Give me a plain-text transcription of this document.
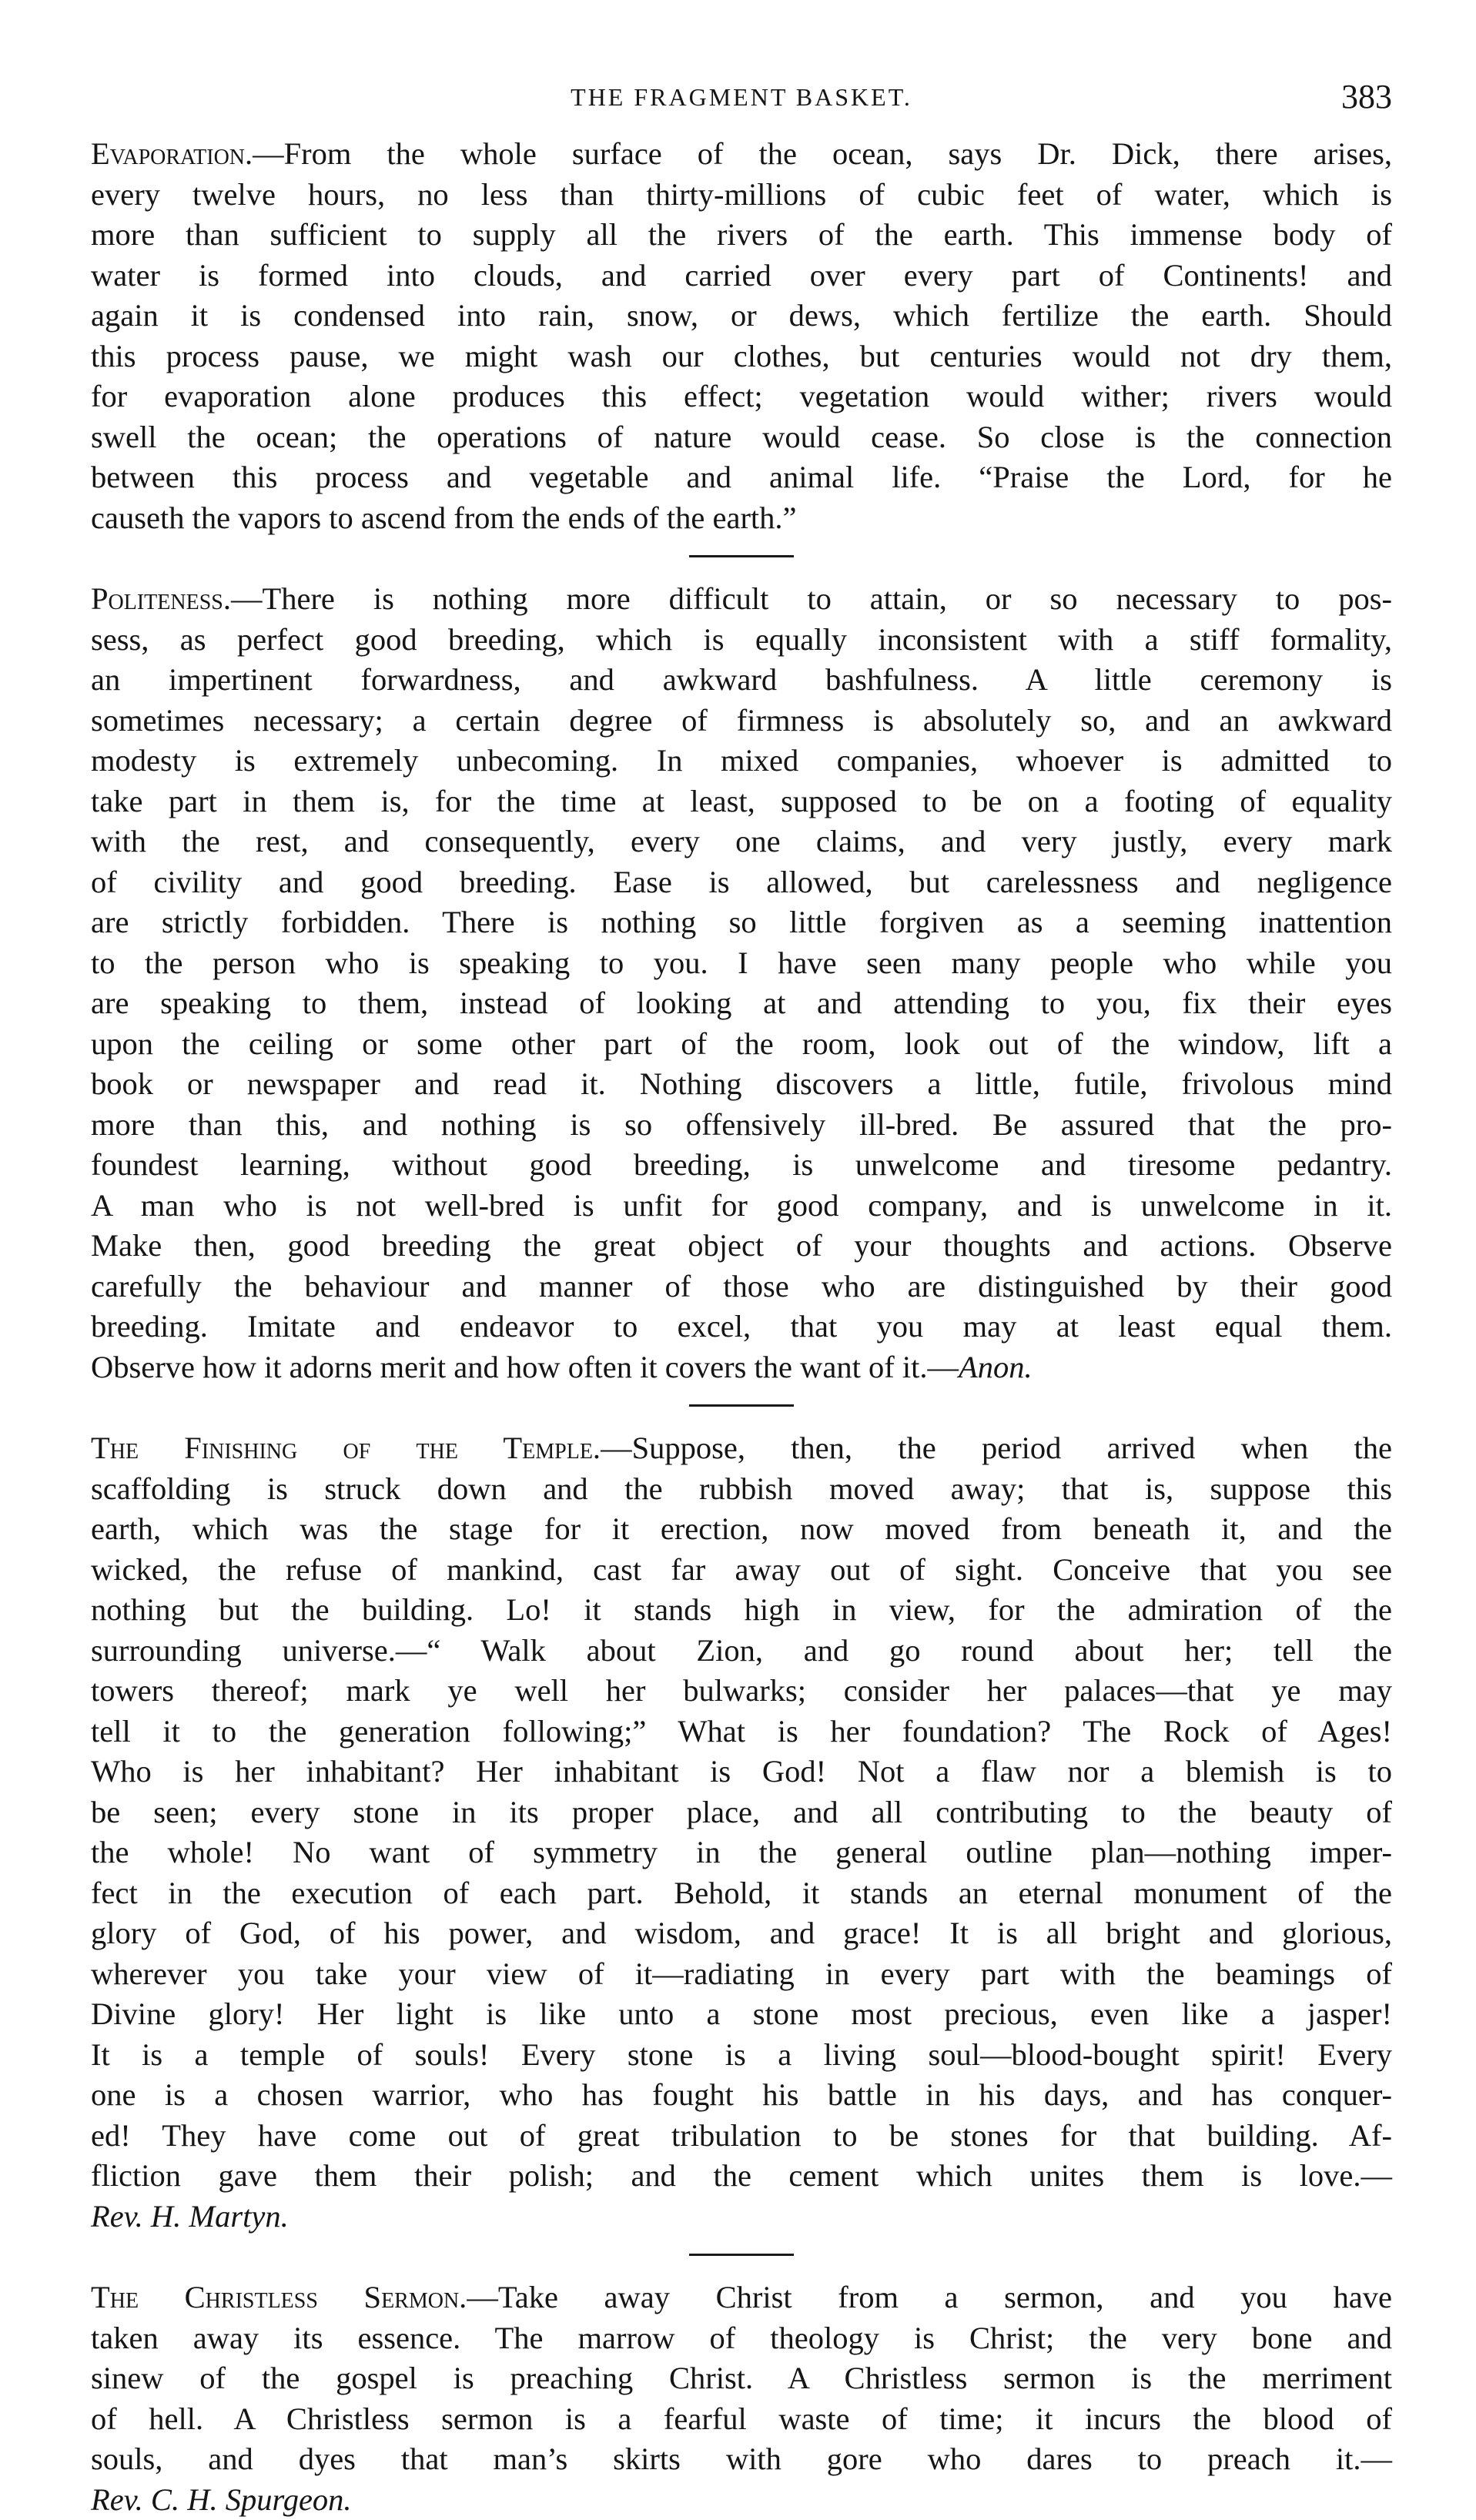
THE FRAGMENT BASKET.	383

Evaporation.—From the whole surface of the ocean, says Dr. Dick, there arises,

every twelve hours, no less than thirty-millions of cubic feet of water, which is

more than sufficient to supply all the rivers of the earth. This immense body of

water is formed into clouds, and carried over every part of Continents! and

again it is condensed into rain, snow, or dews, which fertilize the earth. Should

this process pause, we might wash our clothes, but centuries would not dry them,

for evaporation alone produces this effect; vegetation would wither; rivers would

swell the ocean; the operations of nature would cease. So close is the connection

between this process and vegetable and animal life. “Praise the Lord, for he

causeth the vapors to ascend from the ends of the earth.”

Politeness.—There is nothing more difficult to attain, or so necessary to pos-

sess, as perfect good breeding, which is equally inconsistent with a stiff formality,

an impertinent forwardness, and awkward bashfulness. A little ceremony is

sometimes necessary; a certain degree of firmness is absolutely so, and an awkward

modesty is extremely unbecoming. In mixed companies, whoever is admitted to

take part in them is, for the time at least, supposed to be on a footing of equality

with the rest, and consequently, every one claims, and very justly, every mark

of civility and good breeding. Ease is allowed, but carelessness and negligence

are strictly forbidden. There is nothing so little forgiven as a seeming inattention

to the person who is speaking to you. I have seen many people who while you

are speaking to them, instead of looking at and attending to you, fix their eyes

upon the ceiling or some other part of the room, look out of the window, lift a

book or newspaper and read it. Nothing discovers a little, futile, frivolous mind

more than this, and nothing is so offensively ill-bred. Be assured that the pro-

foundest learning, without good breeding, is unwelcome and tiresome pedantry.

A man who is not well-bred is unfit for good company, and is unwelcome in it.

Make then, good breeding the great object of your thoughts and actions. Observe

carefully the behaviour and manner of those who are distinguished by their good

breeding. Imitate and endeavor to excel, that you may at least equal them.

Observe how it adorns merit and how often it covers the want of it.—Anon.

The Finishing of the Temple.—Suppose, then, the period arrived when the

scaffolding is struck down and the rubbish moved away; that is, suppose this

earth, which was the stage for it erection, now moved from beneath it, and the

wicked, the refuse of mankind, cast far away out of sight. Conceive that you see

nothing but the building. Lo! it stands high in view, for the admiration of the

surrounding universe.—“ Walk about Zion, and go round about her; tell the

towers thereof; mark ye well her bulwarks; consider her palaces—that ye may

tell it to the generation following;” What is her foundation? The Rock of Ages!

Who is her inhabitant? Her inhabitant is God! Not a flaw nor a blemish is to

be seen; every stone in its proper place, and all contributing to the beauty of

the whole! No want of symmetry in the general outline plan—nothing imper-

fect in the execution of each part. Behold, it stands an eternal monument of the

glory of God, of his power, and wisdom, and grace! It is all bright and glorious,

wherever you take your view of it—radiating in every part with the beamings of

Divine glory! Her light is like unto a stone most precious, even like a jasper!

It is a temple of souls! Every stone is a living soul—blood-bought spirit! Every

one is a chosen warrior, who has fought his battle in his days, and has conquer-

ed! They have come out of great tribulation to be stones for that building. Af-

fliction gave them their polish; and the cement which unites them is love.—

Rev. H. Martyn.

The Christless Sermon.—Take away Christ from a sermon, and you have

taken away its essence. The marrow of theology is Christ; the very bone and

sinew of the gospel is preaching Christ. A Christless sermon is the merriment

of hell. A Christless sermon is a fearful waste of time; it incurs the blood of

souls, and dyes that man’s skirts with gore who dares to preach it.—

Rev. C. H. Spurgeon.
